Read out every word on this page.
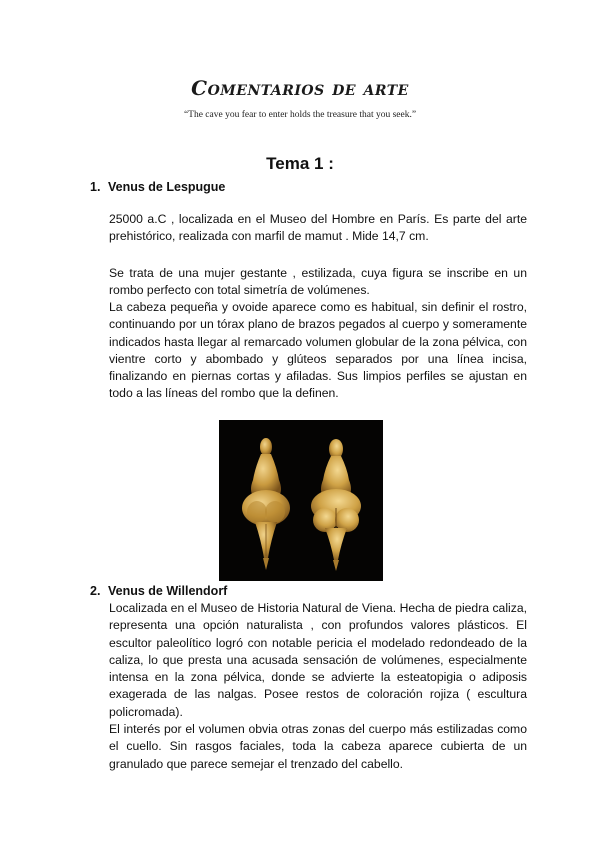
Comentarios de arte
“The cave you fear to enter holds the treasure that you seek.”
Tema 1 :
1. Venus de Lespugue

25000 a.C , localizada en el Museo del Hombre en París. Es parte del arte prehistórico, realizada con marfil de mamut . Mide 14,7 cm.

Se trata de una mujer gestante , estilizada, cuya figura se inscribe en un rombo perfecto con total simetría de volúmenes.

La cabeza pequeña y ovoide aparece como es habitual, sin definir el rostro, continuando por un tórax plano de brazos pegados al cuerpo y someramente indicados hasta llegar al remarcado volumen globular de la zona pélvica, con vientre corto y abombado y glúteos separados por una línea incisa, finalizando en piernas cortas y afiladas. Sus limpios perfiles se ajustan en todo a las líneas del rombo que la definen.

2. Venus de Willendorf

Localizada en el Museo de Historia Natural de Viena. Hecha de piedra caliza, representa una opción naturalista , con profundos valores plásticos. El escultor paleolítico logró con notable pericia el modelado redondeado de la caliza, lo que presta una acusada sensación de volúmenes, especialmente intensa en la zona pélvica, donde se advierte la esteatopigia o adiposis exagerada de las nalgas. Posee restos de coloración rojiza ( escultura policromada).

El interés por el volumen obvia otras zonas del cuerpo más estilizadas como el cuello. Sin rasgos faciales, toda la cabeza aparece cubierta de un granulado que parece semejar el trenzado del cabello.
